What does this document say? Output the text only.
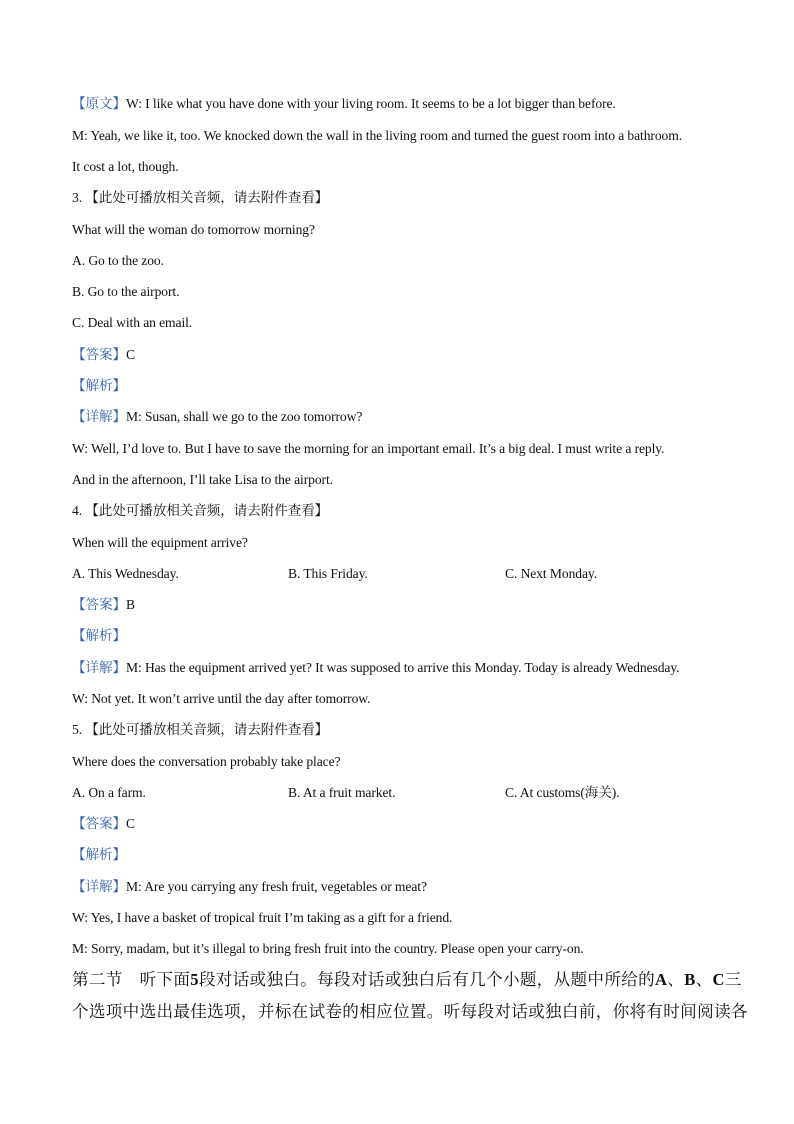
【原文】W: I like what you have done with your living room. It seems to be a lot bigger than before.
M: Yeah, we like it, too. We knocked down the wall in the living room and turned the guest room into a bathroom.
It cost a lot, though.
3. 【此处可播放相关音频，请去附件查看】
What will the woman do tomorrow morning?
A. Go to the zoo.
B. Go to the airport.
C. Deal with an email.
【答案】C
【解析】
【详解】M: Susan, shall we go to the zoo tomorrow?
W: Well, I’d love to. But I have to save the morning for an important email. It’s a big deal. I must write a reply.
And in the afternoon, I’ll take Lisa to the airport.
4. 【此处可播放相关音频，请去附件查看】
When will the equipment arrive?
A. This Wednesday.	B. This Friday.	C. Next Monday.
【答案】B
【解析】
【详解】M: Has the equipment arrived yet? It was supposed to arrive this Monday. Today is already Wednesday.
W: Not yet. It won’t arrive until the day after tomorrow.
5. 【此处可播放相关音频，请去附件查看】
Where does the conversation probably take place?
A. On a farm.	B. At a fruit market.	C. At customs(海关).
【答案】C
【解析】
【详解】M: Are you carrying any fresh fruit, vegetables or meat?
W: Yes, I have a basket of tropical fruit I’m taking as a gift for a friend.
M: Sorry, madam, but it’s illegal to bring fresh fruit into the country. Please open your carry-on.
第二节　听下面5段对话或独白。每段对话或独白后有几个小题，从题中所给的A、B、C三
个选项中选出最佳选项，并标在试卷的相应位置。听每段对话或独白前，你将有时间阅读各
